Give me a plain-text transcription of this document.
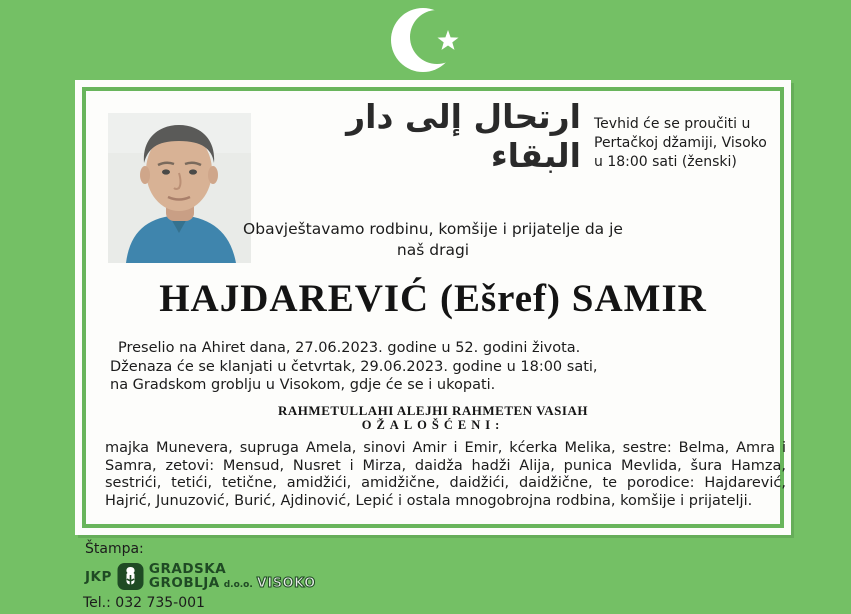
ارتحال إلى دار البقاء
Tevhid će se proučiti u
Pertačkoj džamiji, Visoko
u 18:00 sati (ženski)
Obavještavamo rodbinu, komšije i prijatelje da je
naš dragi
HAJDAREVIĆ (Ešref) SAMIR
Preselio na Ahiret dana, 27.06.2023. godine u 52. godini života.
Dženaza će se klanjati u četvrtak, 29.06.2023. godine u 18:00 sati,
na Gradskom groblju u Visokom, gdje će se i ukopati.
RAHMETULLAHI ALEJHI RAHMETEN VASIAH
OŽALOŠĆENI:
majka Munevera, supruga Amela, sinovi Amir i Emir, kćerka Melika, sestre: Belma, Amra i Samra, zetovi: Mensud, Nusret i Mirza, daidža hadži Alija, punica Mevlida, šura Hamza, sestrići, tetići, tetične, amidžići, amidžične, daidžići, daidžične, te porodice: Hajdarević, Hajrić, Junuzović, Burić, Ajdinović, Lepić i ostala mnogobrojna rodbina, komšije i prijatelji.
Štampa:
JKP	GRADSKA
GROBLJA d.o.o. VISOKO
Tel.: 032 735-001
